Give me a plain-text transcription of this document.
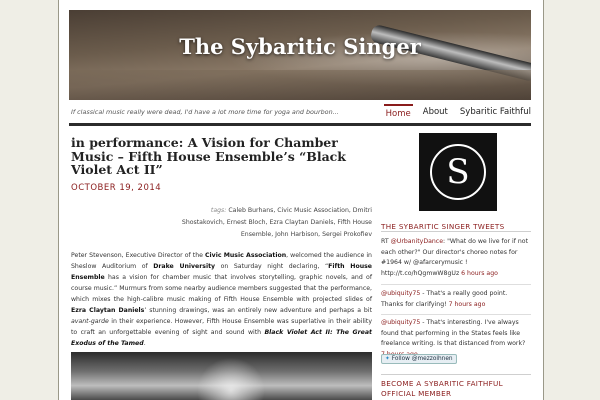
The Sybaritic Singer
If classical music really were dead, I'd have a lot more time for yoga and bourbon...	Home About Sybaritic Faithful
in performance: A Vision for Chamber Music – Fifth House Ensemble’s “Black Violet Act II”
OCTOBER 19, 2014
tags: Caleb Burhans, Civic Music Association, Dmitri Shostakovich, Ernest Bloch, Ezra Claytan Daniels, Fifth House Ensemble, John Harbison, Sergei Prokofiev
Peter Stevenson, Executive Director of the Civic Music Association, welcomed the audience in Sheslow Auditorium of Drake University on Saturday night declaring, “Fifth House Ensemble has a vision for chamber music that involves storytelling, graphic novels, and of course music.” Murmurs from some nearby audience members suggested that the performance, which mixes the high-calibre music making of Fifth House Ensemble with projected slides of Ezra Claytan Daniels’ stunning drawings, was an entirely new adventure and perhaps a bit avant-garde in their experience. However, Fifth House Ensemble was superlative in their ability to craft an unforgettable evening of sight and sound with Black Violet Act II: The Great Exodus of the Tamed.
S
THE SYBARITIC SINGER TWEETS
RT @UrbanityDance: "What do we live for if not each other?" Our director's choreo notes for #1964 w/ @afarcerymusic ! http://t.co/hQgmwW8gUz 6 hours ago
@ubiquity75 - That's a really good point. Thanks for clarifying! 7 hours ago
@ubiquity75 - That's interesting. I've always found that performing in the States feels like freelance writing. Is that distanced from work?
✦ Follow @mezzoihnen
BECOME A SYBARITIC FAITHFUL OFFICIAL MEMBER
